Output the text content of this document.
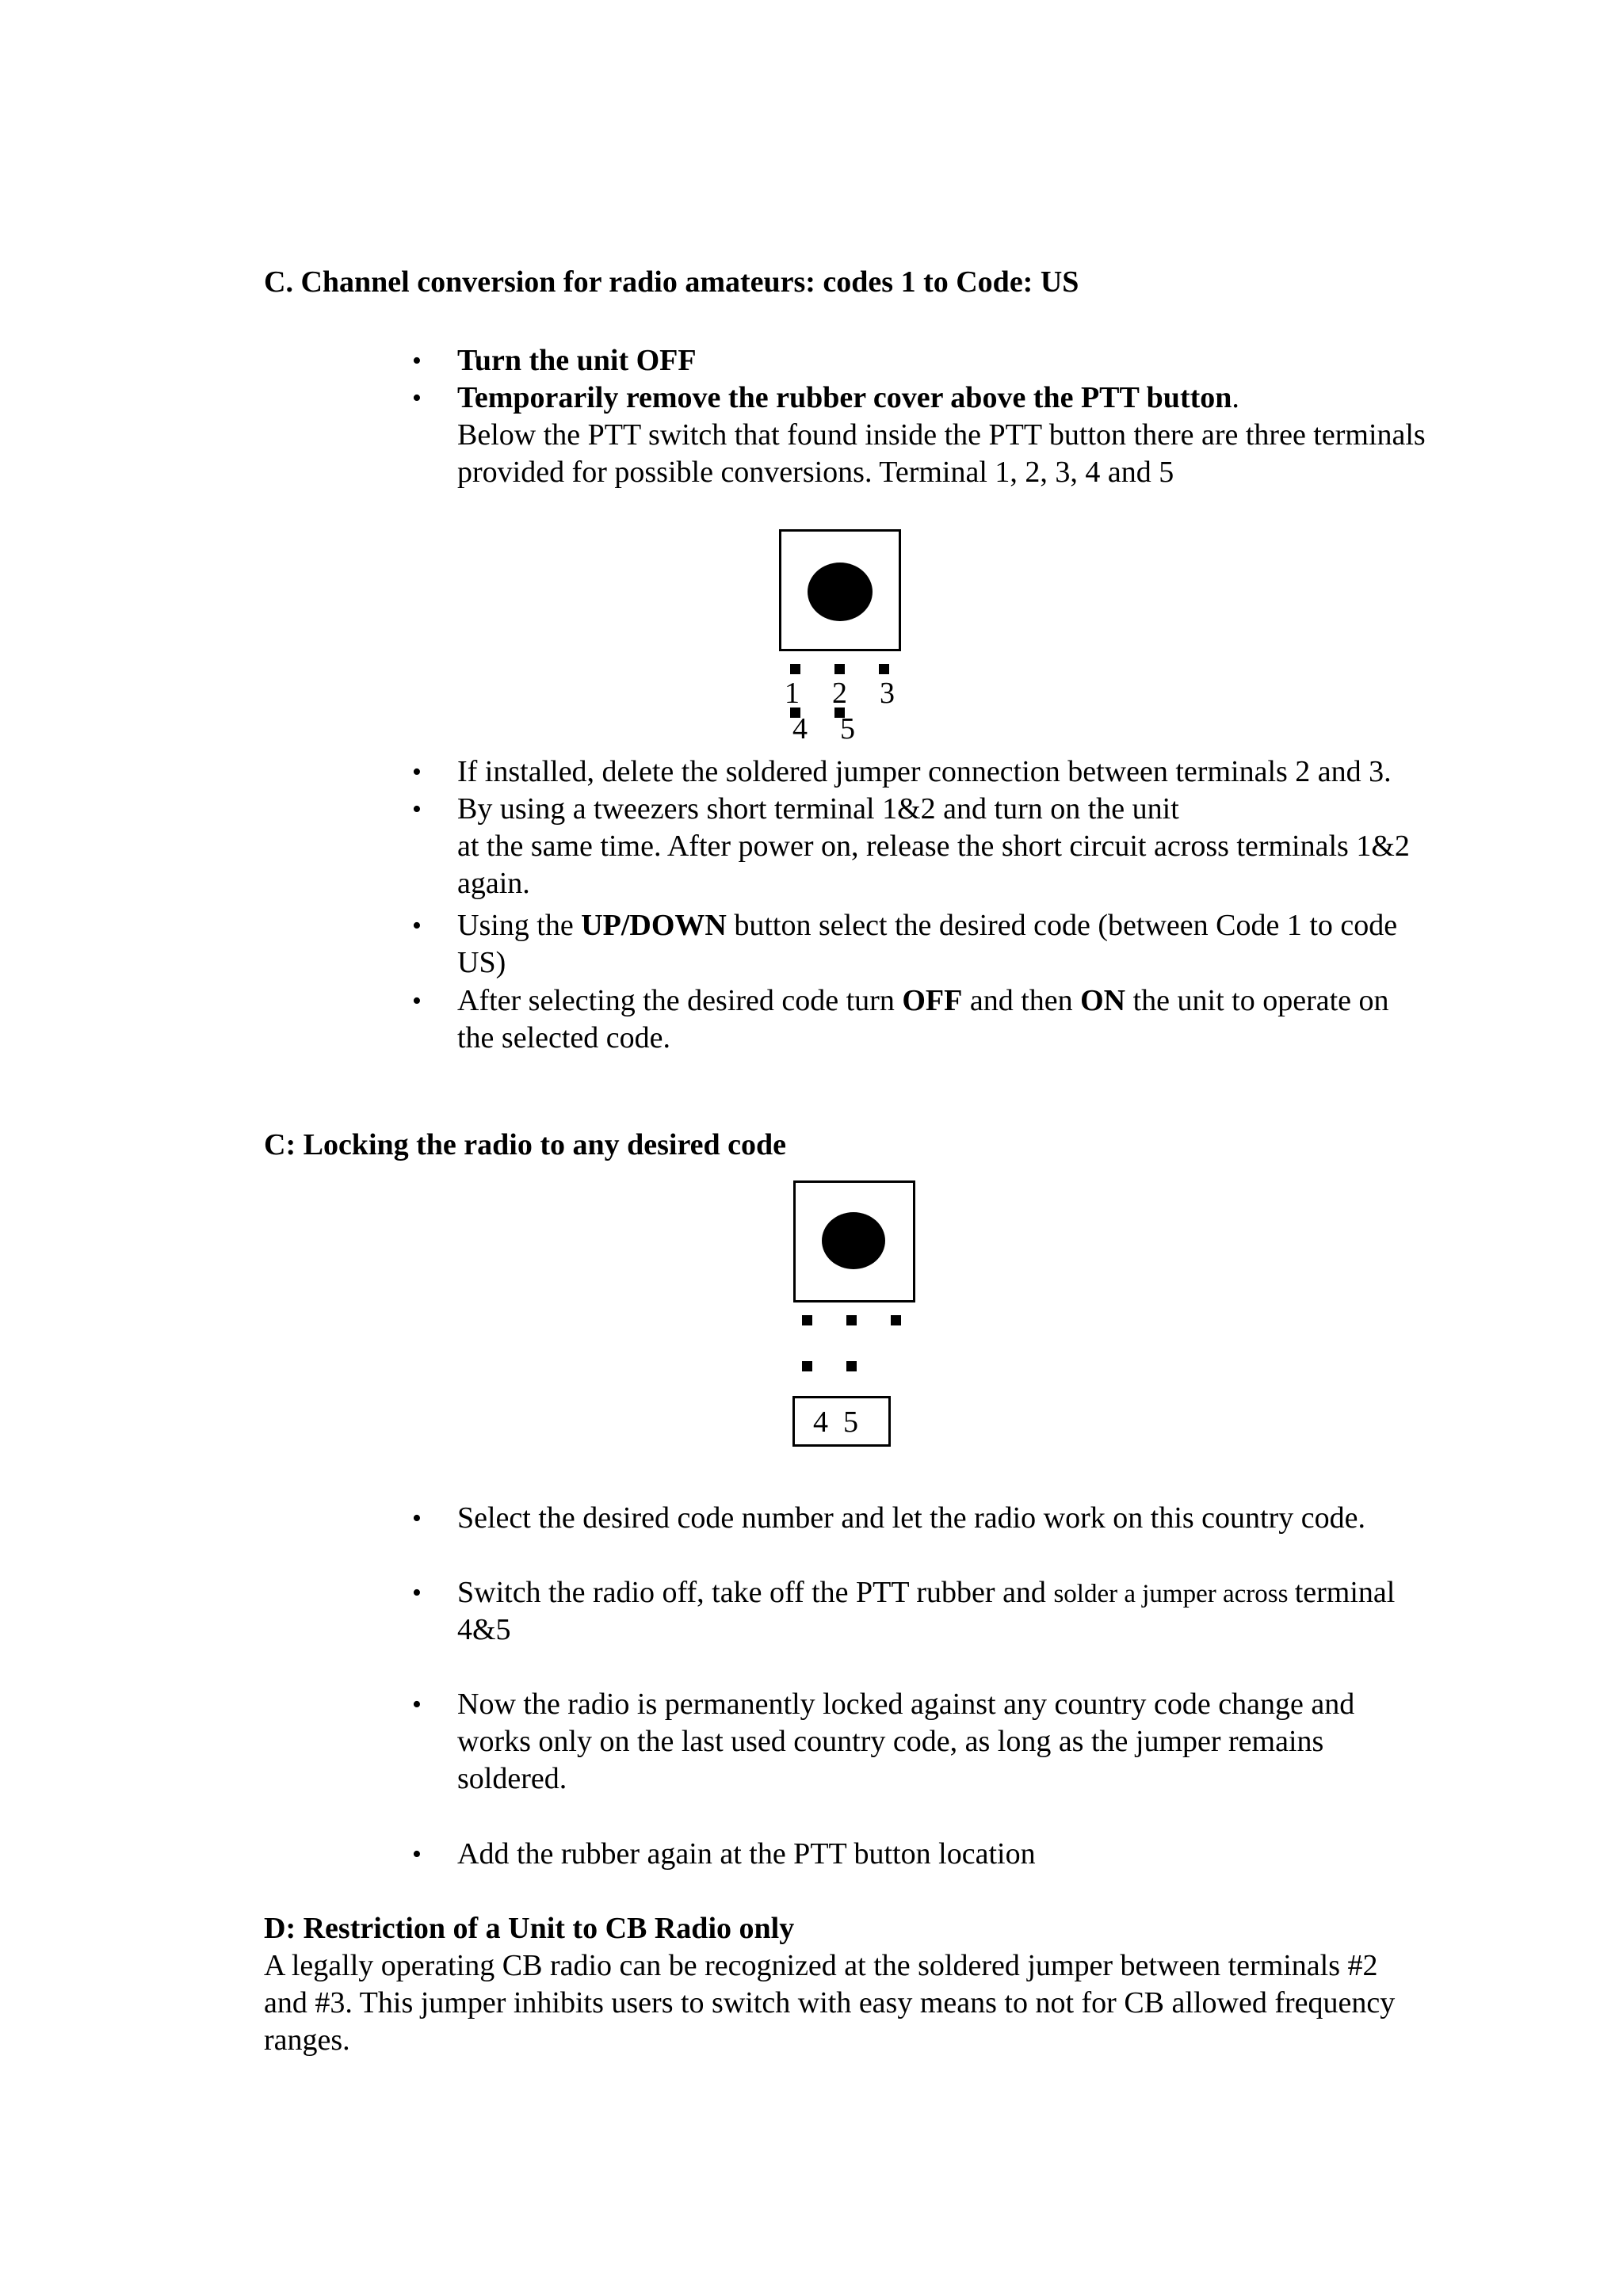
C. Channel conversion for radio amateurs: codes 1 to Code: US
• Turn the unit OFF
• Temporarily remove the rubber cover above the PTT button.
Below the PTT switch that found inside the PTT button there are three terminals
provided for possible conversions. Terminal 1, 2, 3, 4 and 5
1 2 3
4 5
• If installed, delete the soldered jumper connection between terminals 2 and 3.
• By using a tweezers short terminal 1&2 and turn on the unit
at the same time. After power on, release the short circuit across terminals 1&2
again.
• Using the UP/DOWN button select the desired code (between Code 1 to code
US)
• After selecting the desired code turn OFF and then ON the unit to operate on
the selected code.
C: Locking the radio to any desired code
4  5
• Select the desired code number and let the radio work on this country code.
• Switch the radio off, take off the PTT rubber and solder a jumper across terminal
4&5
• Now the radio is permanently locked against any country code change and
works only on the last used country code, as long as the jumper remains
soldered.
• Add the rubber again at the PTT button location
D: Restriction of a Unit to CB Radio only
A legally operating CB radio can be recognized at the soldered jumper between terminals #2
and #3. This jumper inhibits users to switch with easy means to not for CB allowed frequency
ranges.
